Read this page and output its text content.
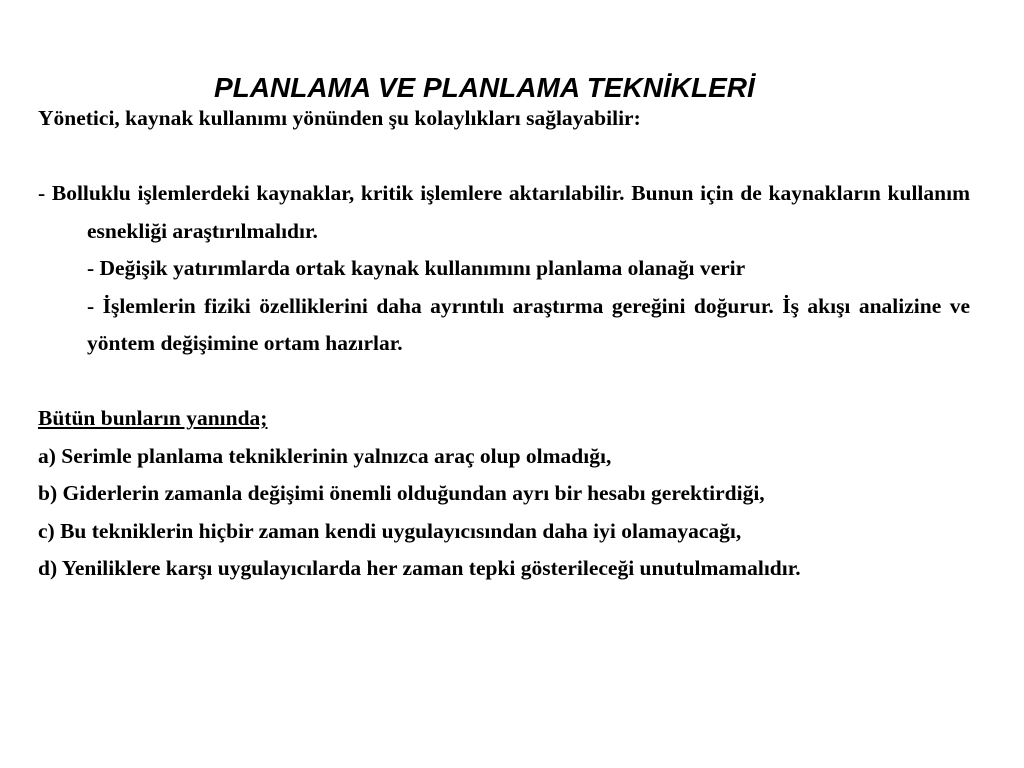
PLANLAMA VE PLANLAMA TEKNİKLERİ

Yönetici, kaynak kullanımı yönünden şu kolaylıkları sağlayabilir:

- Bolluklu işlemlerdeki kaynaklar, kritik işlemlere aktarılabilir. Bunun için de kaynakların kullanım esnekliği araştırılmalıdır.

- Değişik yatırımlarda ortak kaynak kullanımını planlama olanağı verir

- İşlemlerin fiziki özelliklerini daha ayrıntılı araştırma gereğini doğurur. İş akışı analizine ve yöntem değişimine ortam hazırlar.

Bütün bunların yanında;

a) Serimle planlama tekniklerinin yalnızca araç olup olmadığı,

b) Giderlerin zamanla değişimi önemli olduğundan ayrı bir hesabı gerektirdiği,

c) Bu tekniklerin hiçbir zaman kendi uygulayıcısından daha iyi olamayacağı,

d) Yeniliklere karşı uygulayıcılarda her zaman tepki gösterileceği unutulmamalıdır.
